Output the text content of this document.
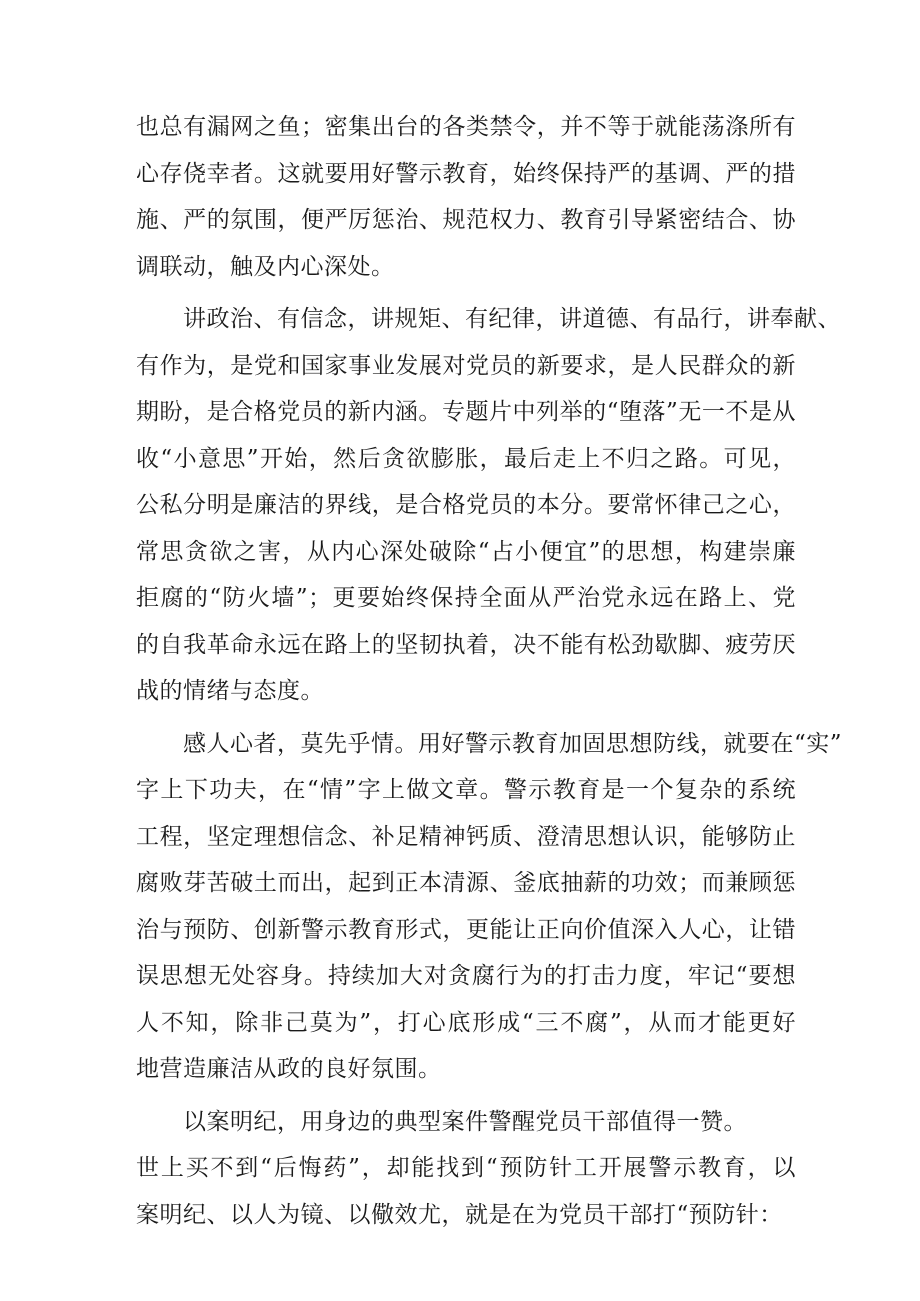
也总有漏网之鱼；密集出台的各类禁令，并不等于就能荡涤所有
心存侥幸者。这就要用好警示教育，始终保持严的基调、严的措
施、严的氛围，便严厉惩治、规范权力、教育引导紧密结合、协
调联动，触及内心深处。
讲政治、有信念，讲规矩、有纪律，讲道德、有品行，讲奉献、
有作为，是党和国家事业发展对党员的新要求，是人民群众的新
期盼，是合格党员的新内涵。专题片中列举的“堕落”无一不是从
收“小意思”开始，然后贪欲膨胀，最后走上不归之路。可见，
公私分明是廉洁的界线，是合格党员的本分。要常怀律己之心，
常思贪欲之害，从内心深处破除“占小便宜”的思想，构建崇廉
拒腐的“防火墙”；更要始终保持全面从严治党永远在路上、党
的自我革命永远在路上的坚韧执着，决不能有松劲歇脚、疲劳厌
战的情绪与态度。
感人心者，莫先乎情。用好警示教育加固思想防线，就要在“实”
字上下功夫，在“情”字上做文章。警示教育是一个复杂的系统
工程，坚定理想信念、补足精神钙质、澄清思想认识，能够防止
腐败芽苦破土而出，起到正本清源、釜底抽薪的功效；而兼顾惩
治与预防、创新警示教育形式，更能让正向价值深入人心，让错
误思想无处容身。持续加大对贪腐行为的打击力度，牢记“要想
人不知，除非己莫为”，打心底形成“三不腐”，从而才能更好
地营造廉洁从政的良好氛围。
以案明纪，用身边的典型案件警醒党员干部值得一赞。
世上买不到“后悔药”，却能找到“预防针工开展警示教育，以
案明纪、以人为镜、以儆效尤，就是在为党员干部打“预防针：
